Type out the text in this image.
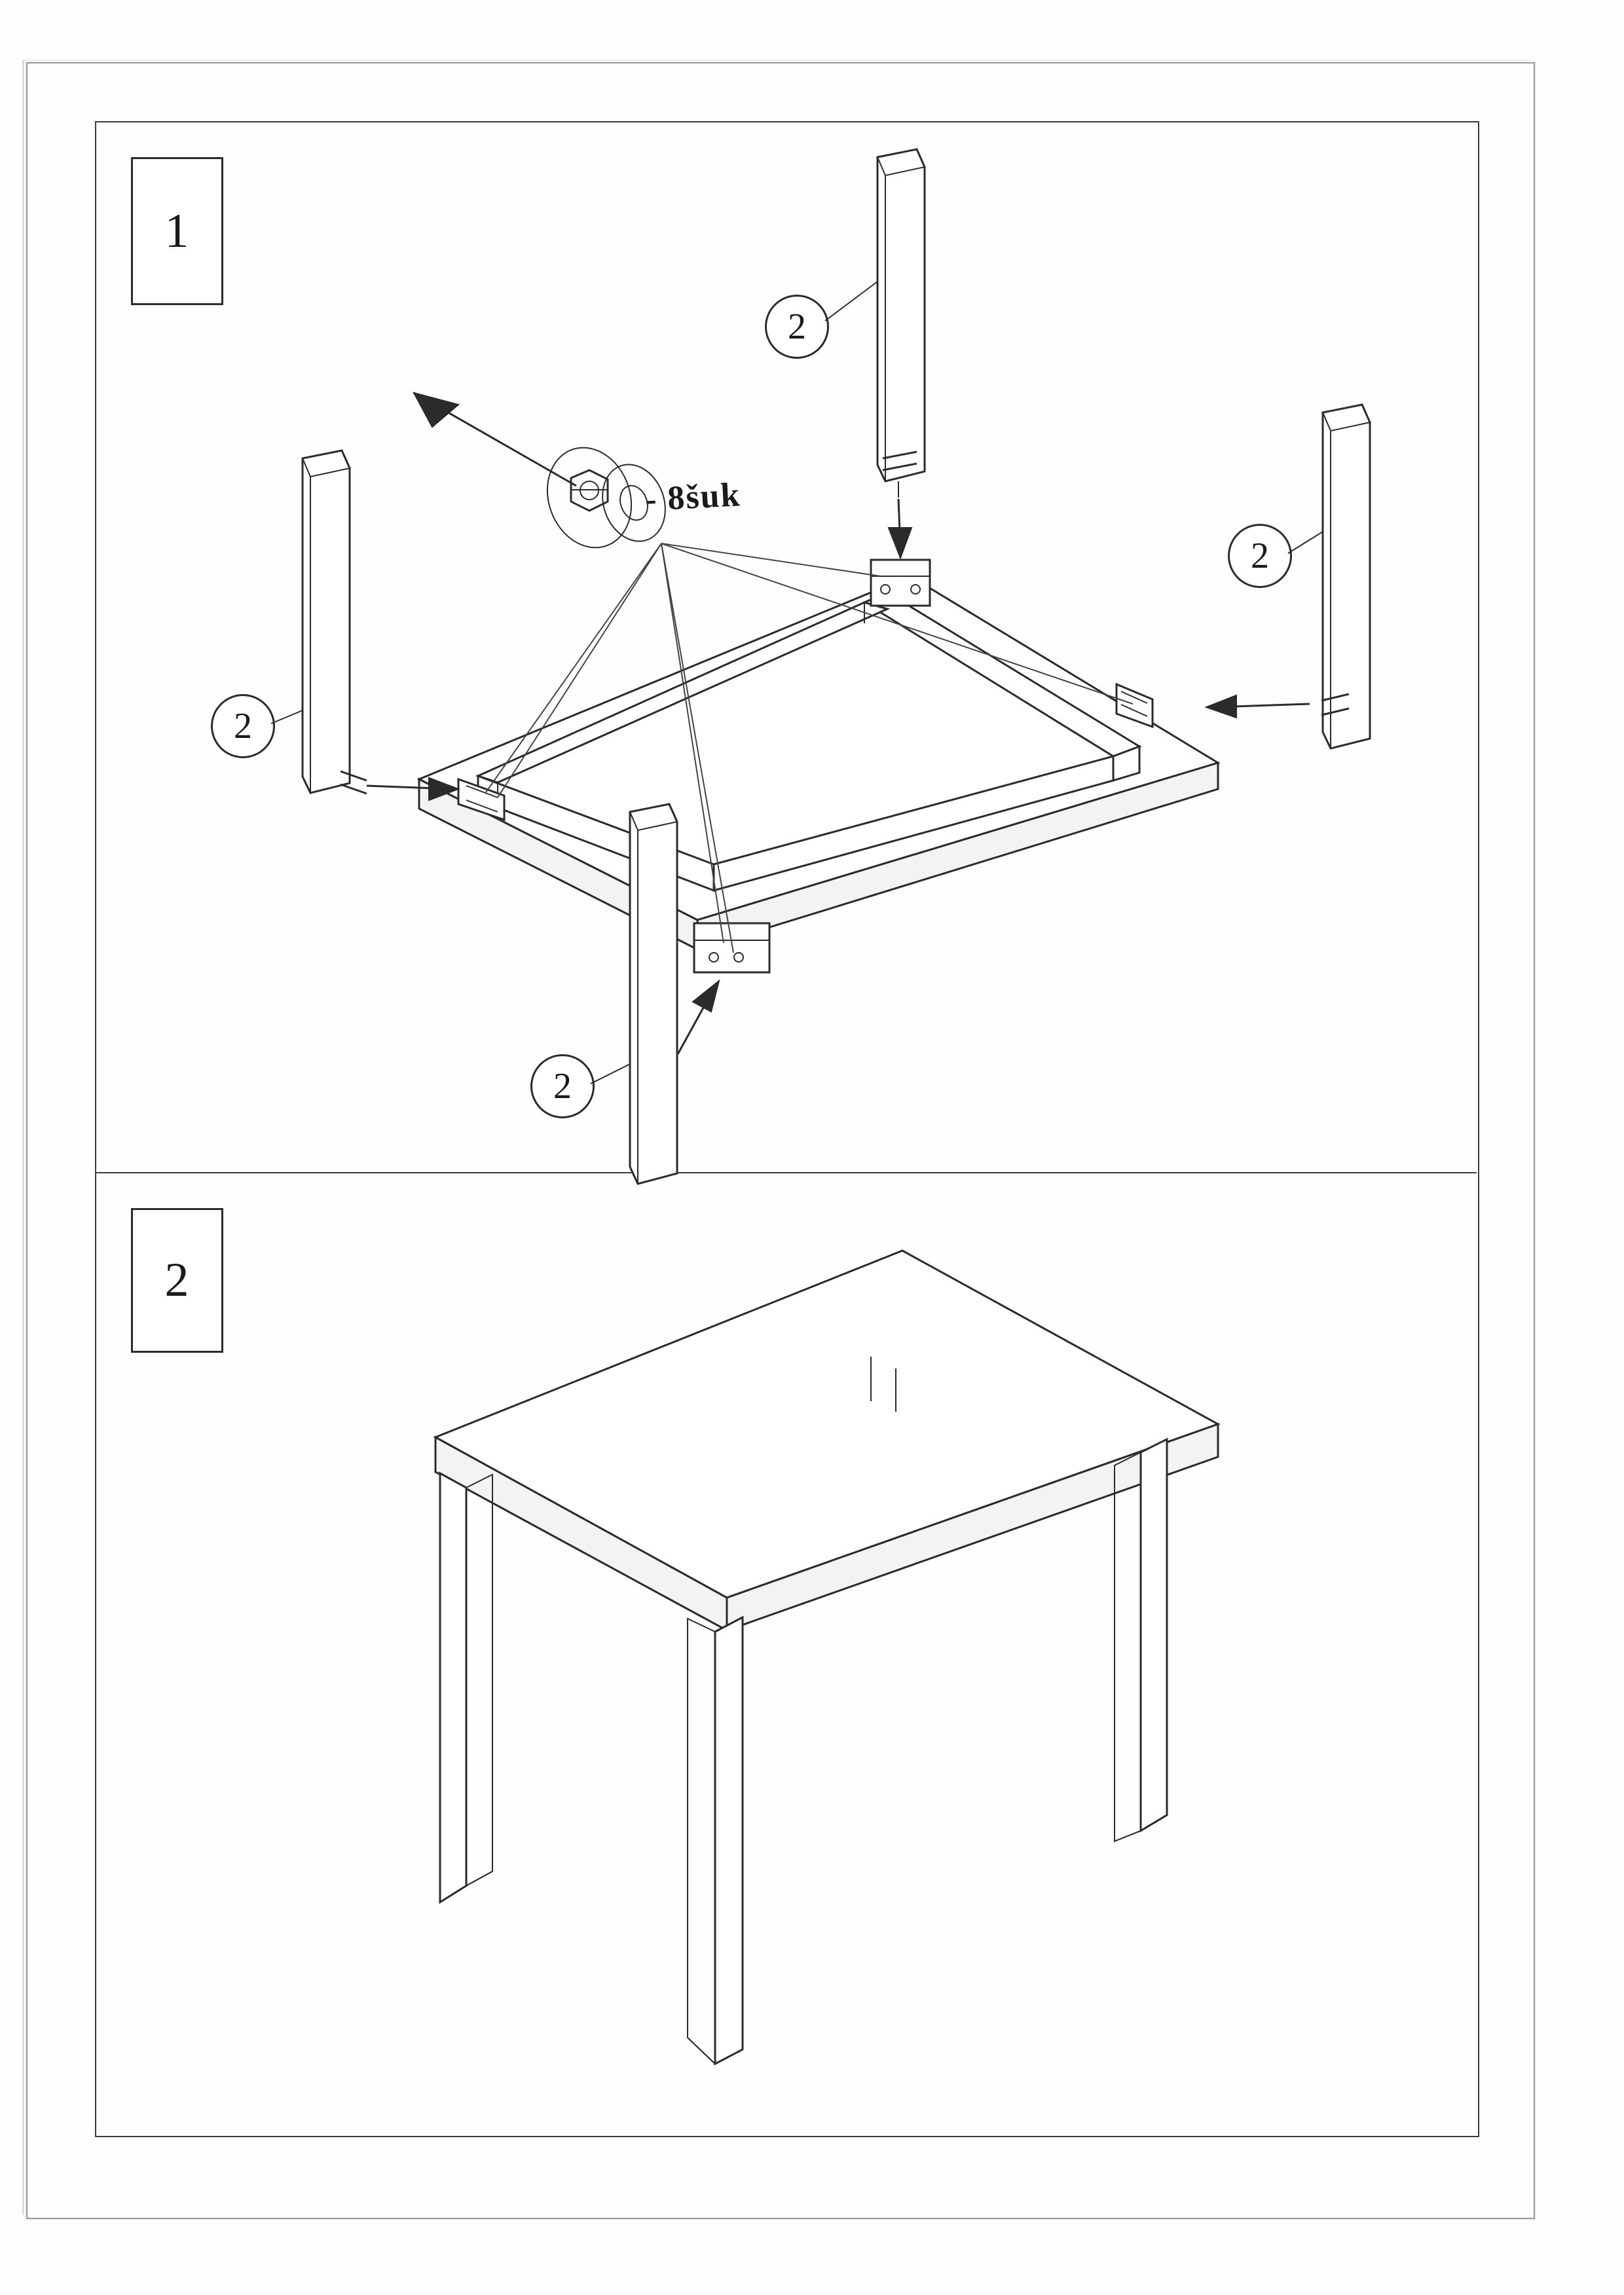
1
2
2
2
2
2
- 8šuk
